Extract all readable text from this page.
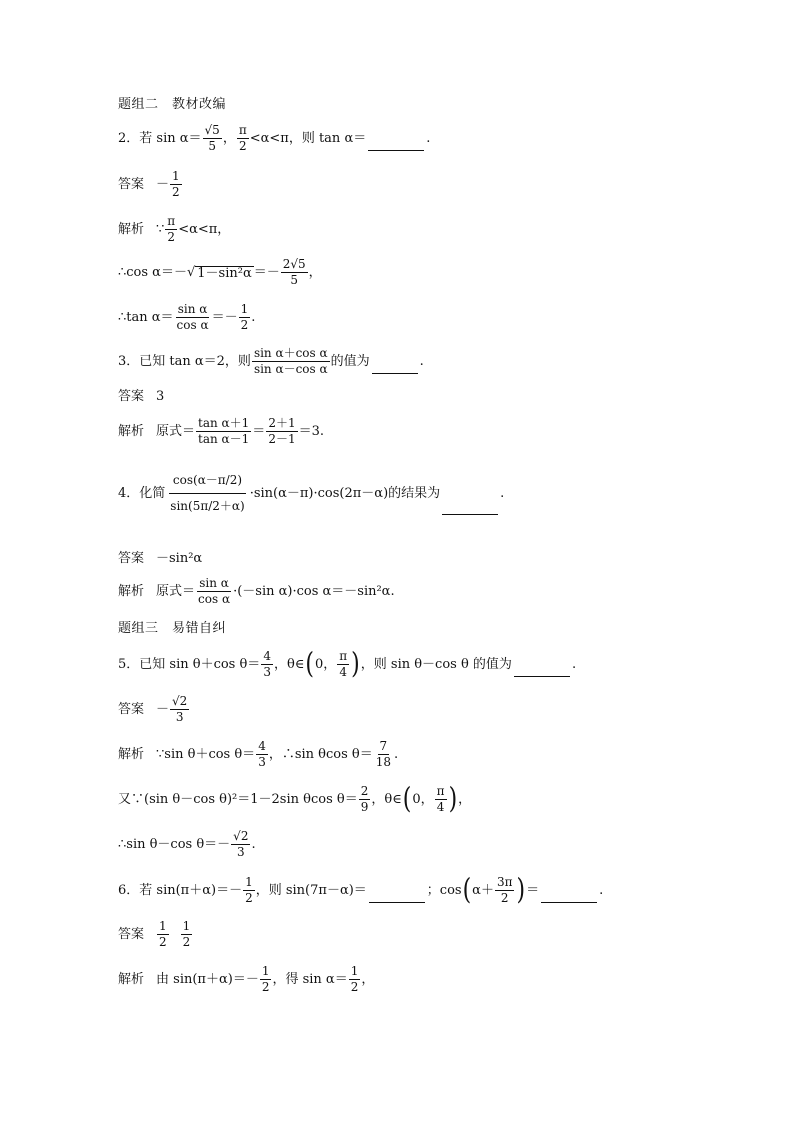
题组二　教材改编
2．若 $\sin \alpha= \frac{√5}{5}$ ， $\frac{\pi}{2} <\alpha<\pi$，则 tan α＝	.
答案 － $\frac{1}{2}$
解析 ∵ $\frac{\pi}{2} <\alpha<\pi$，
∴cos α＝－ √ $1-\sin^2\alpha =- \frac{2√5}{5}$ ，
∴tan $\alpha= \frac{\text{sin α}}{\text{cos α}} =- \frac{1}{2}$ .
3．已知 tan α＝2，则 $\frac{\text{sin α＋cos α}}{\text{sin α－cos α}}$ 的值为	.
答案 3
解析 原式＝ $\frac{\text{tan α＋1}}{\text{tan α－1}} = \frac{2+1}{2-1} =3$.
4．化简 $\frac{\cos(\alpha-\pi/2)}{\sin(5\pi/2+\alpha)} \cdot\sin(\alpha-\pi)\cdot\cos(2\pi-\alpha)$的结果为	.
答案 －sin²α
解析 原式＝ $\frac{\text{sin α}}{\text{cos α}} \cdot(-\sin$ α)·cos α＝－sin²α.
题组三　易错自纠
5．已知 sin θ＋cos $\theta= \frac{4}{3}$ ，θ∈ ( 0， $\frac{\pi}{4}$ ) ，则 sin θ－cos θ 的值为	.
答案 － $\frac{√2}{3}$
解析 ∵sin θ＋cos $\theta= \frac{4}{3}$ ，∴sin θcos $\theta= \frac{7}{18}$ .
又∵(sin θ－cos θ)²＝1－2sin θcos $\theta= \frac{2}{9}$ ，θ∈ ( 0， $\frac{\pi}{4}$ ) ，
∴sin θ－cos $\theta=- \frac{√2}{3}$ .
6．若 $\sin(\pi+\alpha)=- \frac{1}{2}$ ，则 sin(7π－α)＝	；cos ( $\alpha+ \frac{3\pi}{2}$ ) ＝	.
答案 $\frac{1}{2} \frac{1}{2}$
解析 由 $\sin(\pi+\alpha)=- \frac{1}{2}$ ，得 $\sin \alpha= \frac{1}{2}$ ，
